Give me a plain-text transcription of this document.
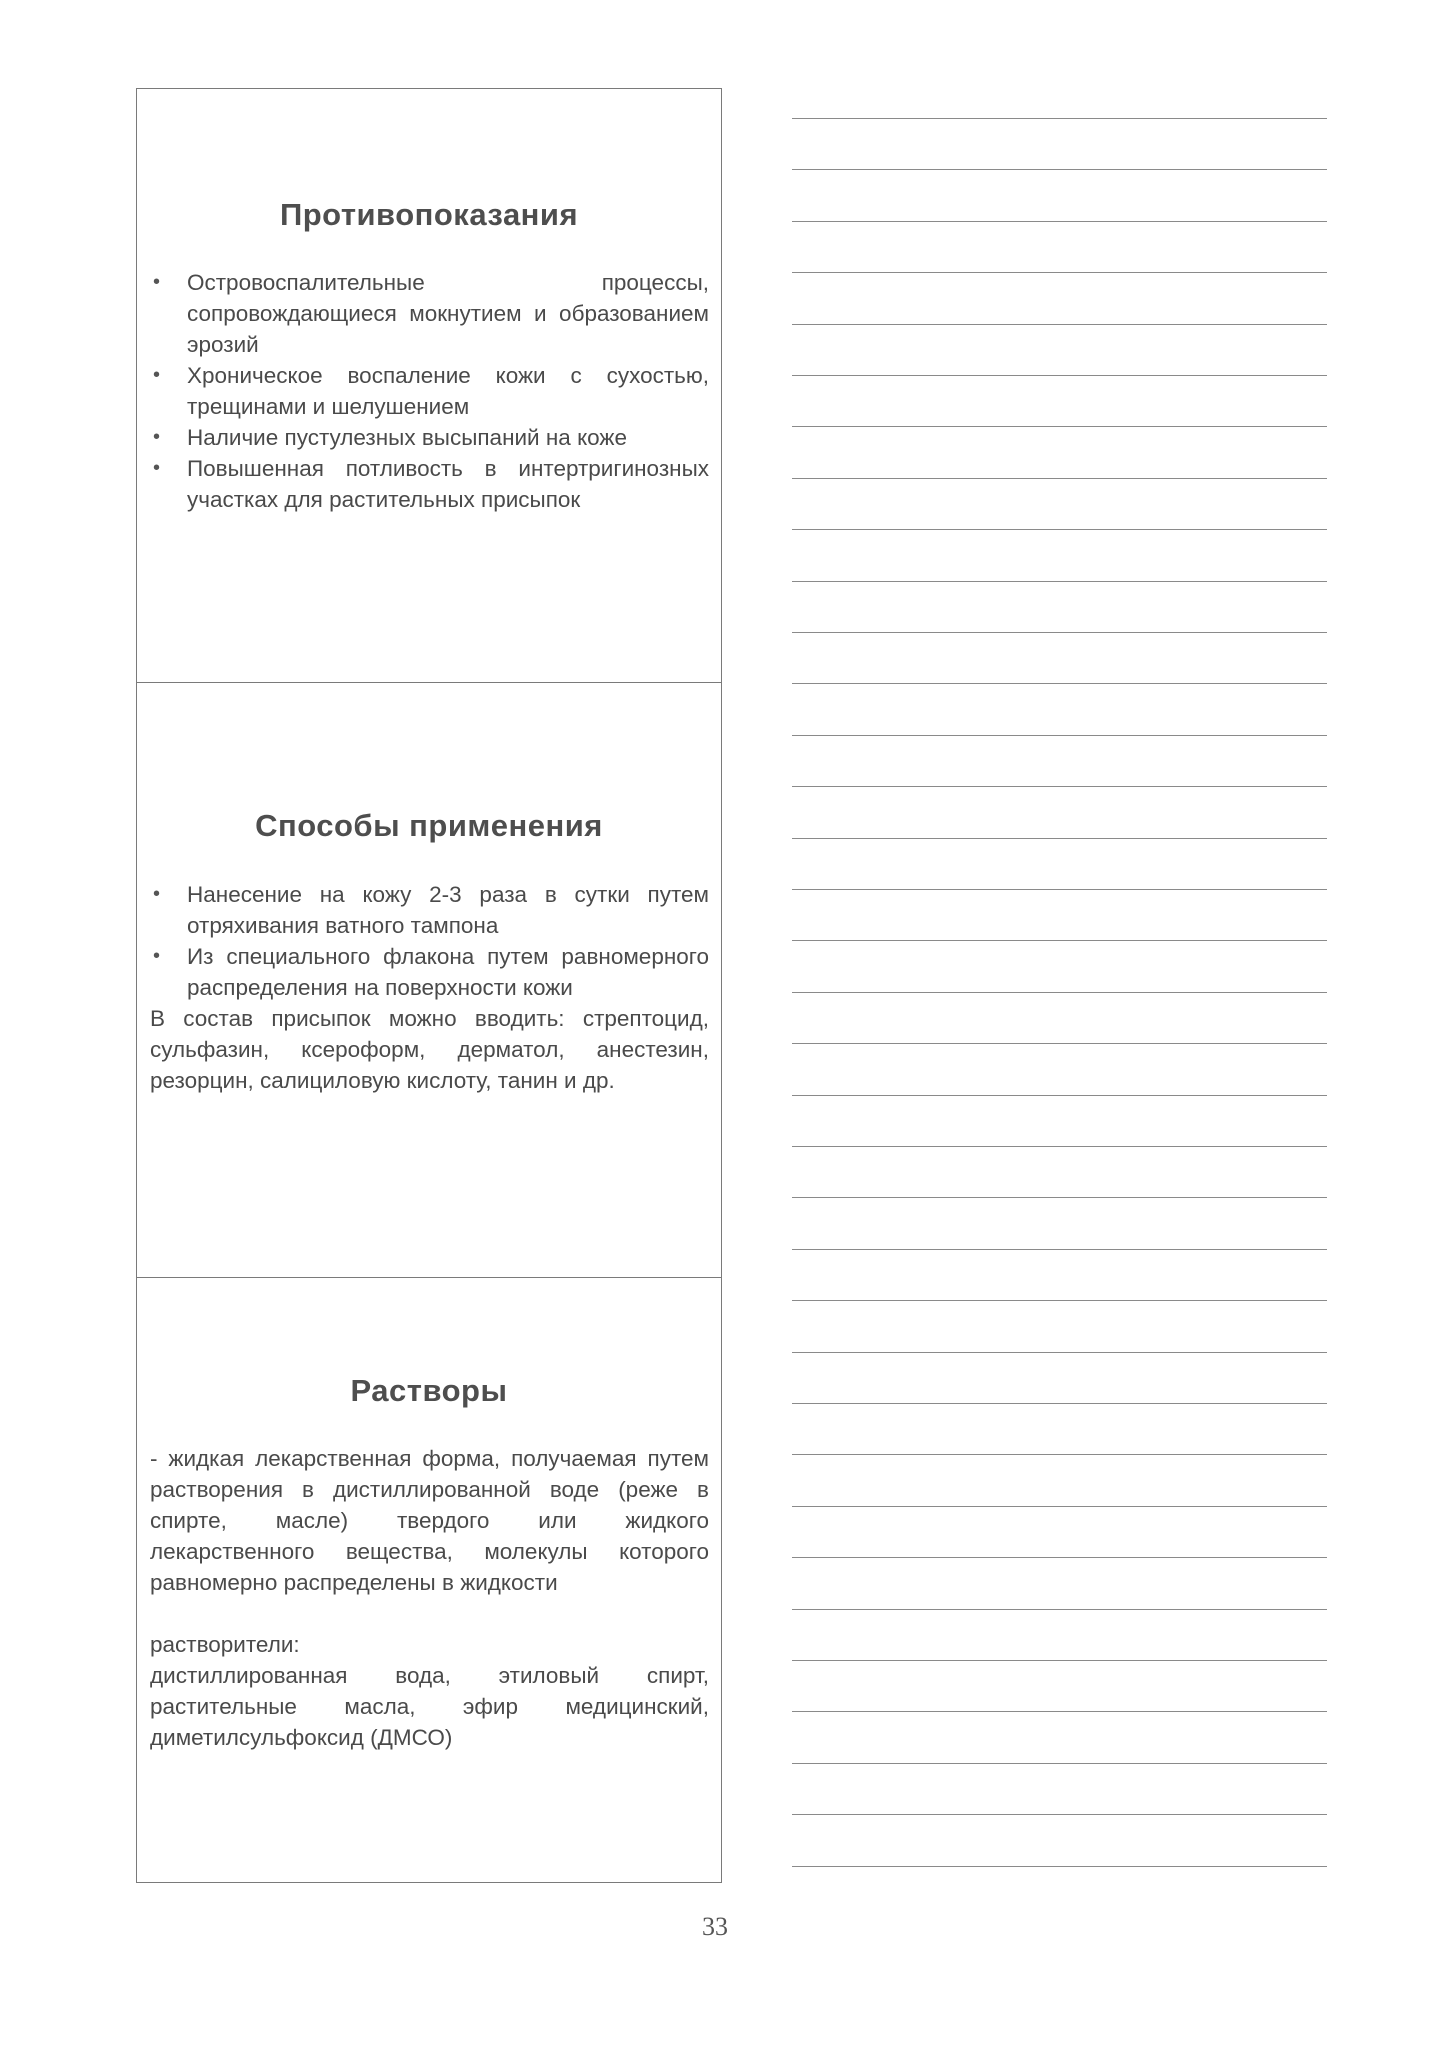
Противопоказания
• Островоспалительные процессы, сопровождающиеся мокнутием и образованием эрозий
• Хроническое воспаление кожи с сухостью, трещинами и шелушением
• Наличие пустулезных высыпаний на коже
• Повышенная потливость в интертригинозных участках для растительных присыпок
Способы применения
• Нанесение на кожу 2-3 раза в сутки путем отряхивания ватного тампона
• Из специального флакона путем равномерного распределения на поверхности кожи

В состав присыпок можно вводить: стрептоцид, сульфазин, ксероформ, дерматол, анестезин, резорцин, салициловую кислоту, танин и др.

Растворы

- жидкая лекарственная форма, получаемая путем растворения в дистиллированной воде (реже в спирте, масле) твердого или жидкого лекарственного вещества, молекулы которого равномерно распределены в жидкости

растворители:

дистиллированная вода, этиловый спирт, растительные масла, эфир медицинский, диметилсульфоксид (ДМСО)

33
